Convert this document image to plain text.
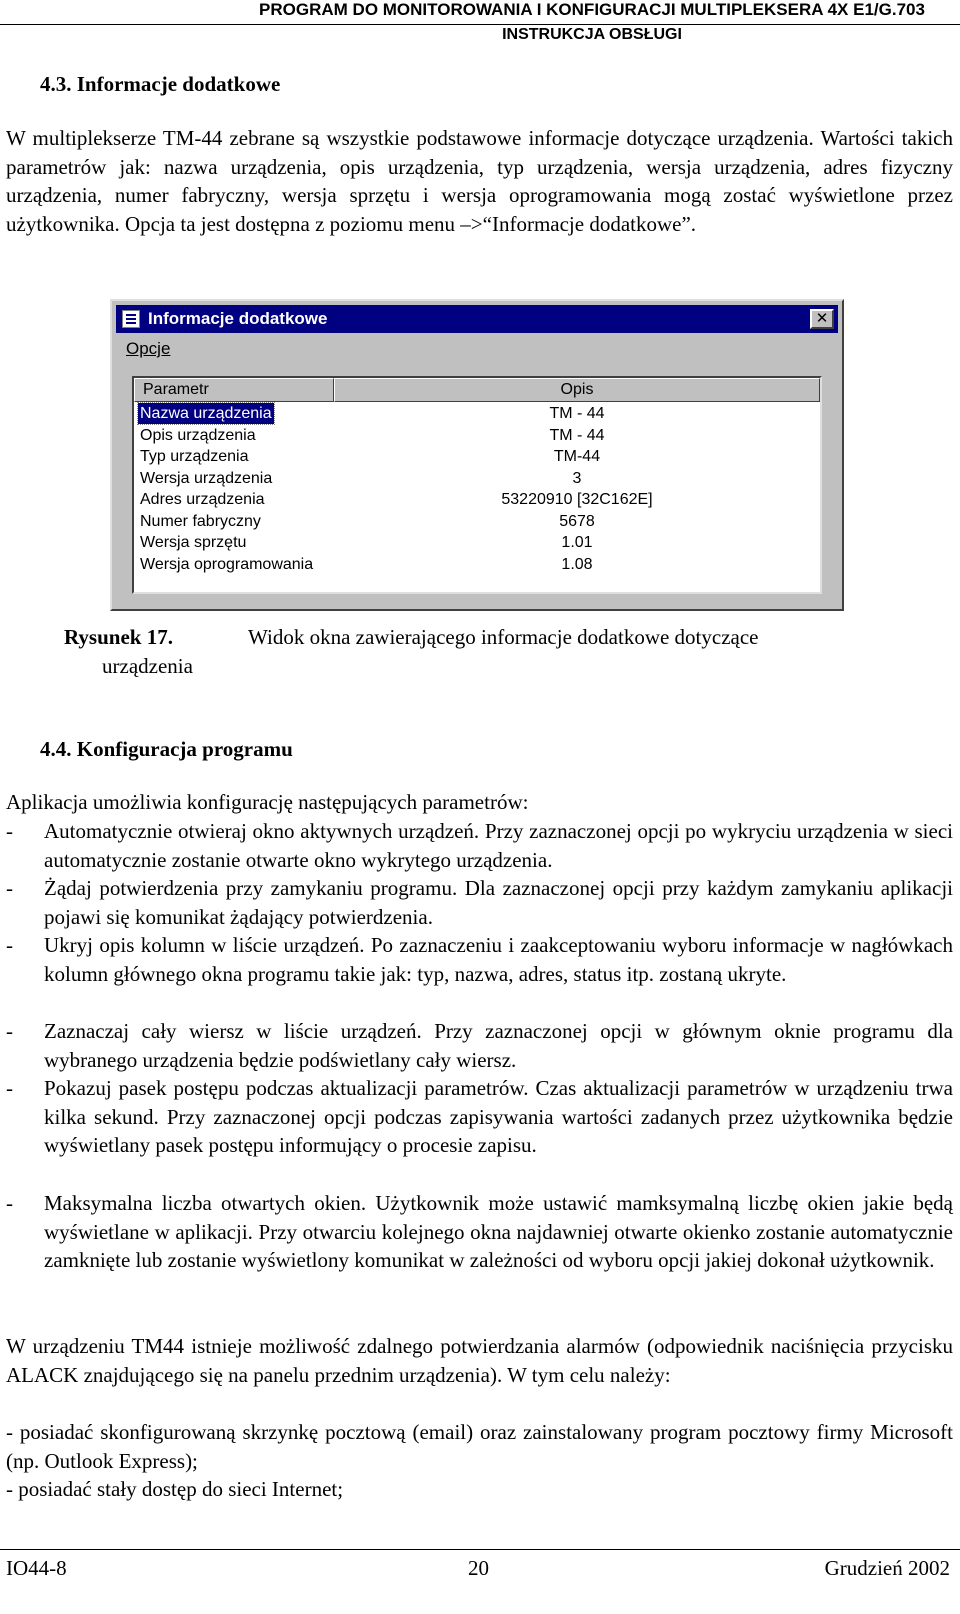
PROGRAM DO MONITOROWANIA I KONFIGURACJI MULTIPLEKSERA 4X E1/G.703
INSTRUKCJA OBSŁUGI
4.3. Informacje dodatkowe
W multiplekserze TM-44 zebrane są wszystkie podstawowe informacje dotyczące urządzenia. Wartości takich parametrów jak: nazwa urządzenia, opis urządzenia, typ urządzenia, wersja urządzenia, adres fizyczny urządzenia, numer fabryczny, wersja sprzętu i wersja oprogramowania mogą zostać wyświetlone przez użytkownika. Opcja ta jest dostępna z poziomu menu –>“Informacje dodatkowe”.
Informacje dodatkowe	✕
Opcje
Parametr	Opis
Nazwa urządzenia	TM - 44
Opis urządzenia	TM - 44
Typ urządzenia	TM-44
Wersja urządzenia	3
Adres urządzenia	53220910 [32C162E]
Numer fabryczny	5678
Wersja sprzętu	1.01
Wersja oprogramowania	1.08
Rysunek 17.	Widok okna zawierającego informacje dodatkowe dotyczące
urządzenia
4.4. Konfiguracja programu
Aplikacja umożliwia konfigurację następujących parametrów:
-	Automatycznie otwieraj okno aktywnych urządzeń. Przy zaznaczonej opcji po wykryciu urządzenia w sieci automatycznie zostanie otwarte okno wykrytego urządzenia.
-	Żądaj potwierdzenia przy zamykaniu programu. Dla zaznaczonej opcji przy każdym zamykaniu aplikacji pojawi się komunikat żądający potwierdzenia.
-	Ukryj opis kolumn w liście urządzeń. Po zaznaczeniu i zaakceptowaniu wyboru informacje w nagłówkach kolumn głównego okna programu takie jak: typ, nazwa, adres, status itp. zostaną ukryte.
-	Zaznaczaj cały wiersz w liście urządzeń. Przy zaznaczonej opcji w głównym oknie programu dla wybranego urządzenia będzie podświetlany cały wiersz.
-	Pokazuj pasek postępu podczas aktualizacji parametrów. Czas aktualizacji parametrów w urządzeniu trwa kilka sekund. Przy zaznaczonej opcji podczas zapisywania wartości zadanych przez użytkownika będzie wyświetlany pasek postępu informujący o procesie zapisu.
-	Maksymalna liczba otwartych okien. Użytkownik może ustawić mamksymalną liczbę okien jakie będą wyświetlane w aplikacji. Przy otwarciu kolejnego okna najdawniej otwarte okienko zostanie automatycznie zamknięte lub zostanie wyświetlony komunikat w zależności od wyboru opcji jakiej dokonał użytkownik.
W urządzeniu TM44 istnieje możliwość zdalnego potwierdzania alarmów (odpowiednik naciśnięcia przycisku ALACK znajdującego się na panelu przednim urządzenia). W tym celu należy:
- posiadać skonfigurowaną skrzynkę pocztową (email) oraz zainstalowany program pocztowy firmy Microsoft (np. Outlook Express);
- posiadać stały dostęp do sieci Internet;
IO44-8	20	Grudzień 2002
